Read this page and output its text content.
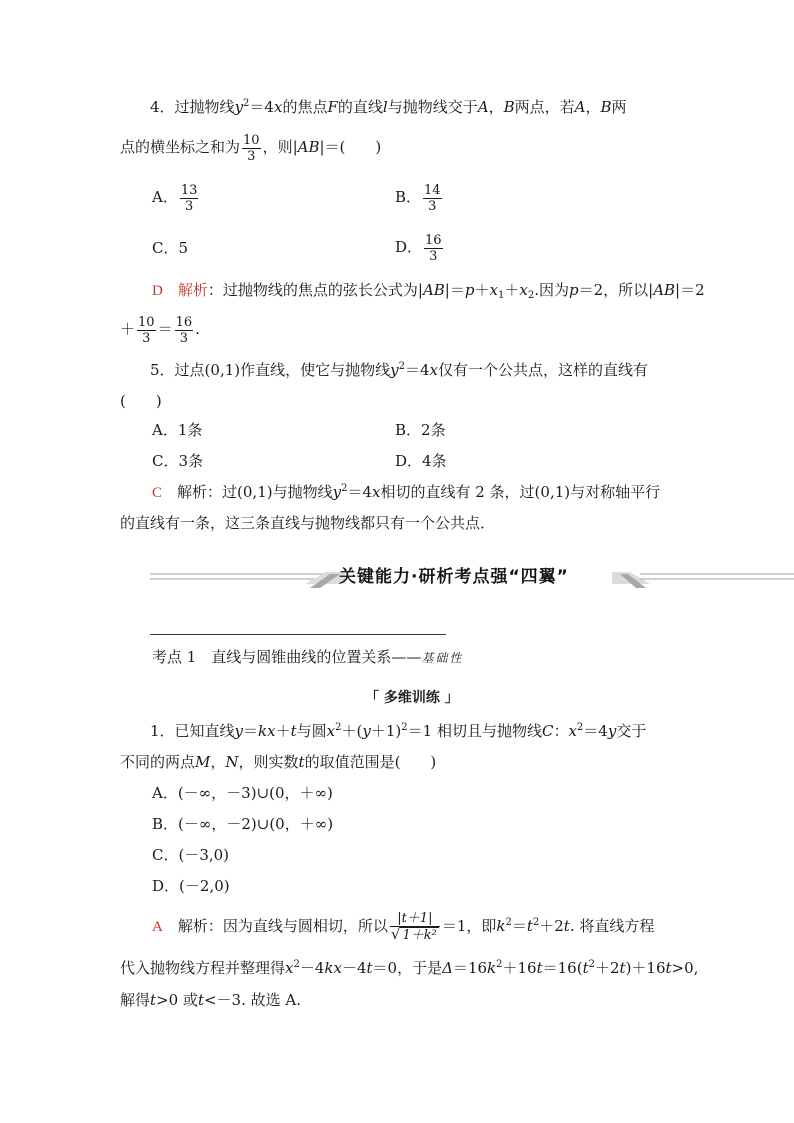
4．过抛物线$y^2=4x$的焦点F的直线l与抛物线交于A，B两点，若A，B两
点的横坐标之和为 $\frac{10}{3}$ ，则|AB|＝(　　)
A． $\frac{13}{3}$	B． $\frac{14}{3}$
C．5	D． $\frac{16}{3}$
D　 解析：过抛物线的焦点的弦长公式为$|AB|=p+x_1+x_2$.因为p＝2，所以|AB|＝2
＋ $\frac{10}{3} = \frac{16}{3}$ .
5．过点(0,1)作直线，使它与抛物线$y^2=4x$仅有一个公共点，这样的直线有
(　　)
A．1条	B．2条
C．3条	D．4条
C　 解析：过(0,1)与抛物线$y^2=4x$相切的直线有 2 条，过(0,1)与对称轴平行
的直线有一条，这三条直线与抛物线都只有一个公共点．
关键能力·研析考点强“四翼”
考点 1　直线与圆锥曲线的位置关系——基础性
「 多维训练 」
1．已知直线y＝kx＋t与圆$x^2+(y+1)^2=1$ 相切且与抛物线C：$x^2=4y$交于
不同的两点M，N，则实数t的取值范围是(　　)
A．(－∞，－3)∪(0，＋∞)
B．(－∞，－2)∪(0，＋∞)
C．(－3,0)
D．(－2,0)
A　 解析：因为直线与圆相切，所以 $\frac{|t+1|}{\text{√ 1＋k²}} =1$，即$k^2=t^2+2t$. 将直线方程
代入抛物线方程并整理得$x^2-4kx-4t=0$，于是$\Delta=16k^2+16t=16(t^2+2t)+16t>0$,
解得t>0 或t<－3. 故选 A.
